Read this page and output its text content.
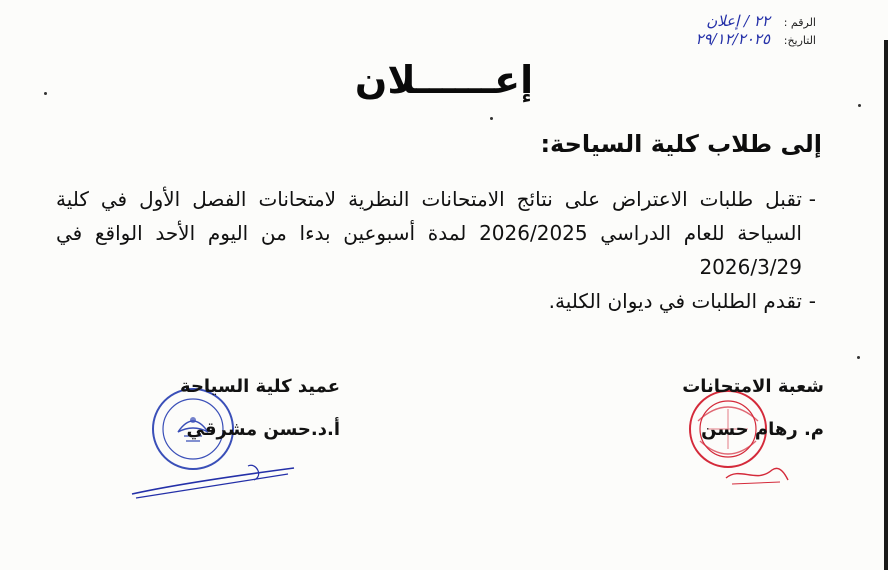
الرقم :
٢٢ / إعلان
التاريخ:
٢٩/١٢/٢٠٢٥
إعــــــلان
إلى طلاب كلية السياحة:

- تقبل طلبات الاعتراض على نتائج الامتحانات النظرية لامتحانات الفصل الأول في كلية السياحة للعام الدراسي 2026/2025 لمدة أسبوعين بدءا من اليوم الأحد الواقع في 2026/3/29

- تقدم الطلبات في ديوان الكلية.

شعبة الامتحانات
م. رهام حسن
عميد كلية السياحة
أ.د.حسن مشرقي
